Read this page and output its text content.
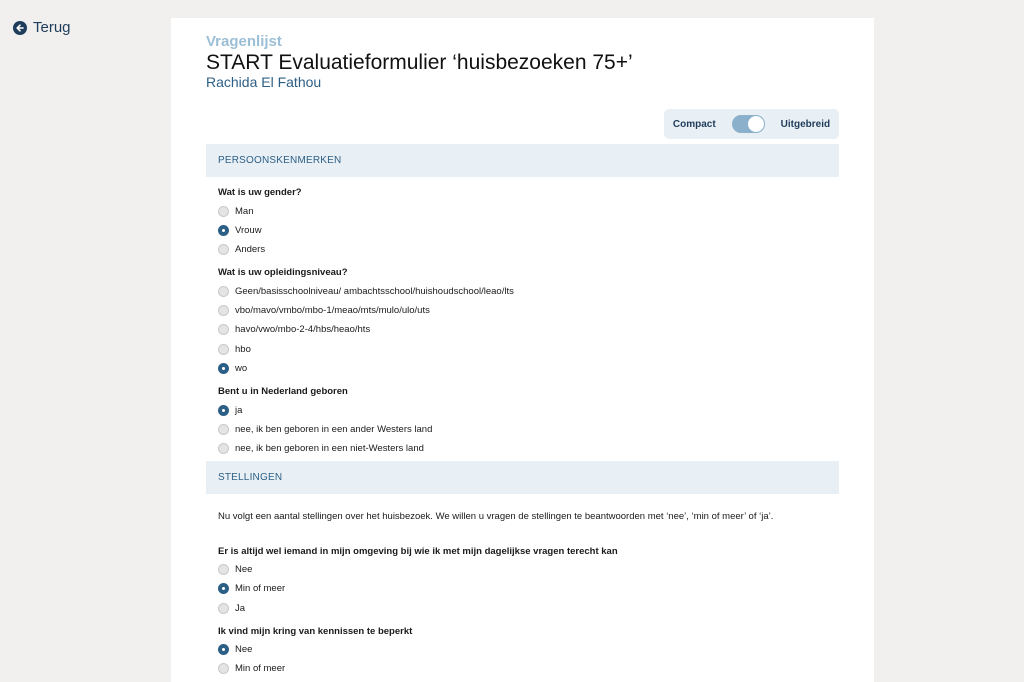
Terug
Vragenlijst
START Evaluatieformulier ‘huisbezoeken 75+’
Rachida El Fathou
Compact	Uitgebreid
PERSOONSKENMERKEN
Wat is uw gender?
Man
Vrouw
Anders
Wat is uw opleidingsniveau?
Geen/basisschoolniveau/ ambachtsschool/huishoudschool/leao/lts
vbo/mavo/vmbo/mbo-1/meao/mts/mulo/ulo/uts
havo/vwo/mbo-2-4/hbs/heao/hts
hbo
wo
Bent u in Nederland geboren
ja
nee, ik ben geboren in een ander Westers land
nee, ik ben geboren in een niet-Westers land
STELLINGEN
Nu volgt een aantal stellingen over het huisbezoek. We willen u vragen de stellingen te beantwoorden met ‘nee’, ‘min of meer’ of ‘ja’.
Er is altijd wel iemand in mijn omgeving bij wie ik met mijn dagelijkse vragen terecht kan
Nee
Min of meer
Ja
Ik vind mijn kring van kennissen te beperkt
Nee
Min of meer
